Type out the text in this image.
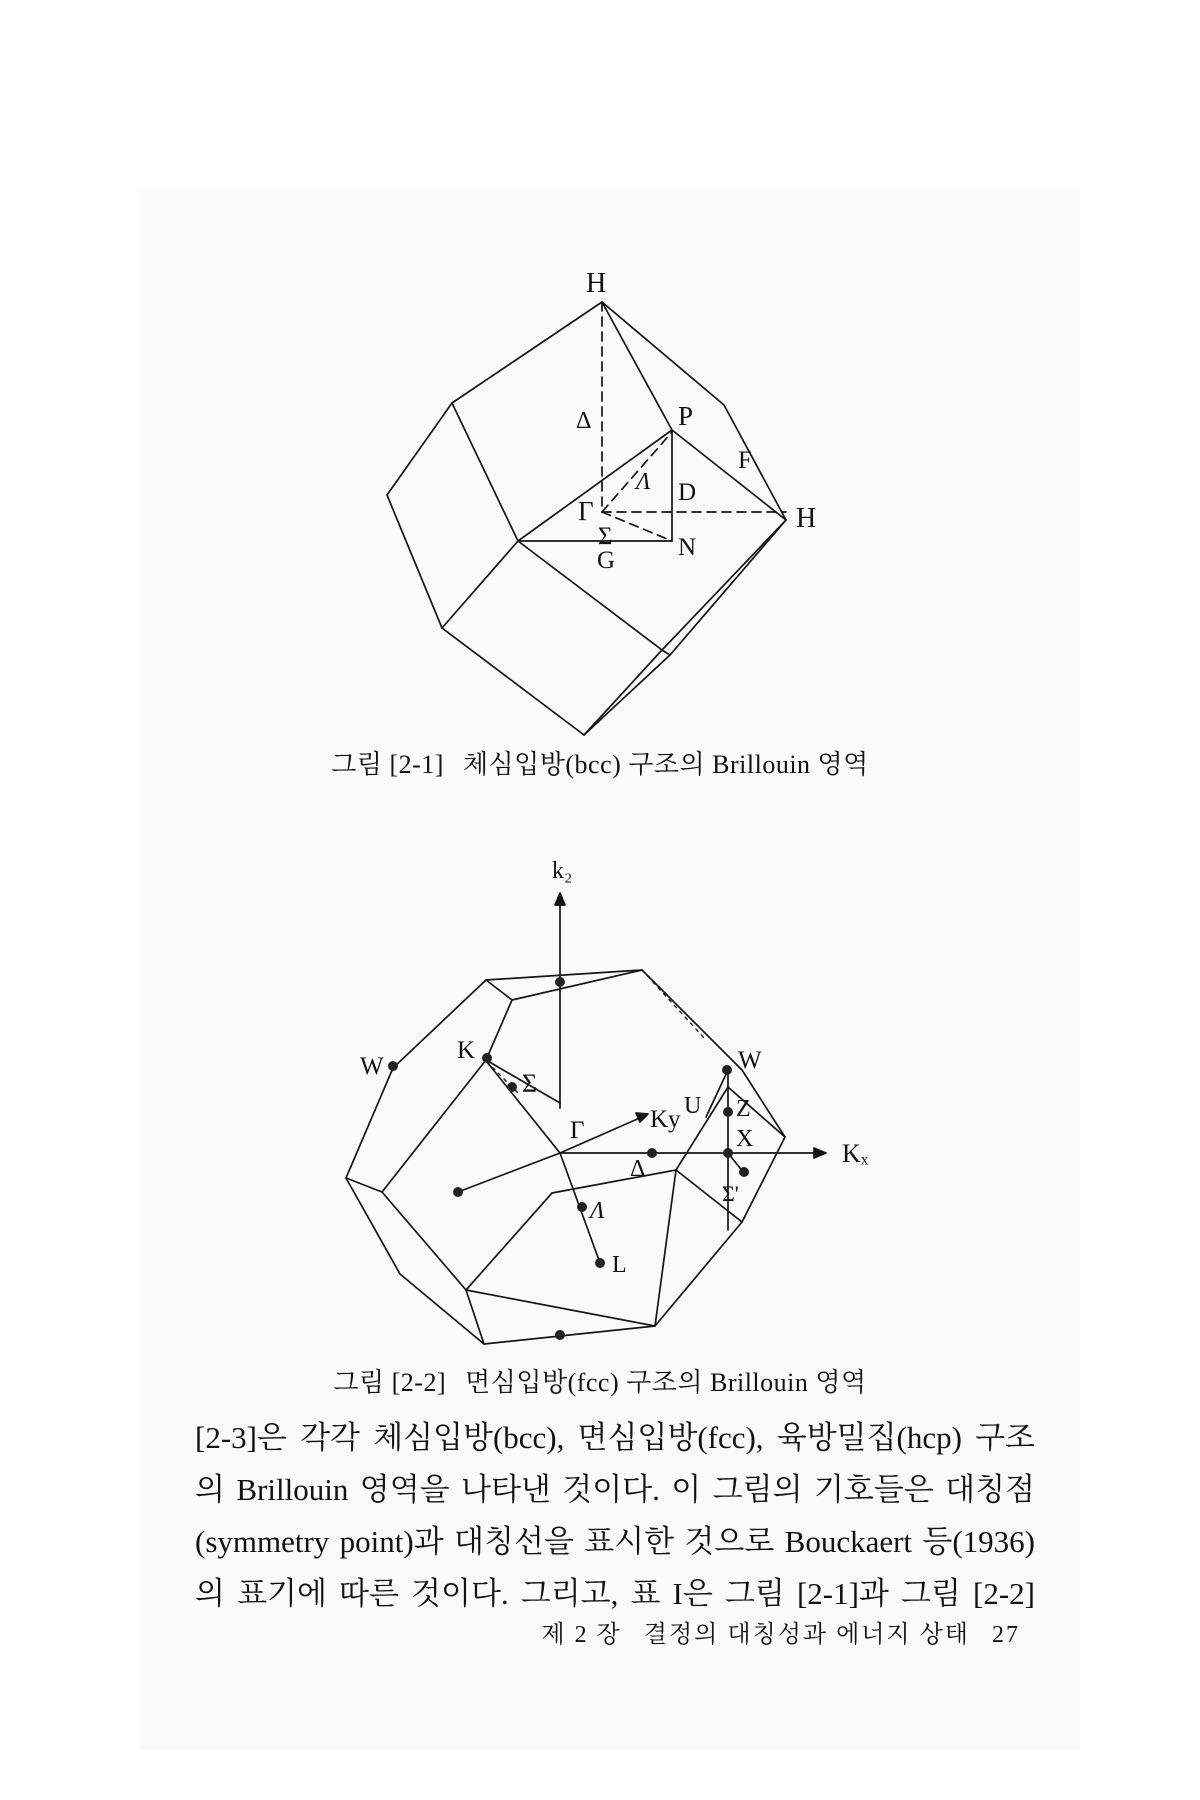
H
H
P
F
D
N
G
Γ
Δ
Λ
Σ
그림 [2-1] 체심입방(bcc) 구조의 Brillouin 영역
k₂
Kₓ
Ky
W	W
K
Σ
Γ
U Z
X
Δ
Λ
L
Σ'
그림 [2-2] 면심입방(fcc) 구조의 Brillouin 영역

[2-3]은 각각 체심입방(bcc), 면심입방(fcc), 육방밀집(hcp) 구조

의 Brillouin 영역을 나타낸 것이다. 이 그림의 기호들은 대칭점

(symmetry point)과 대칭선을 표시한 것으로 Bouckaert 등(1936)

의 표기에 따른 것이다. 그리고, 표 I은 그림 [2-1]과 그림 [2-2]

제 2 장 결정의 대칭성과 에너지 상태 27
